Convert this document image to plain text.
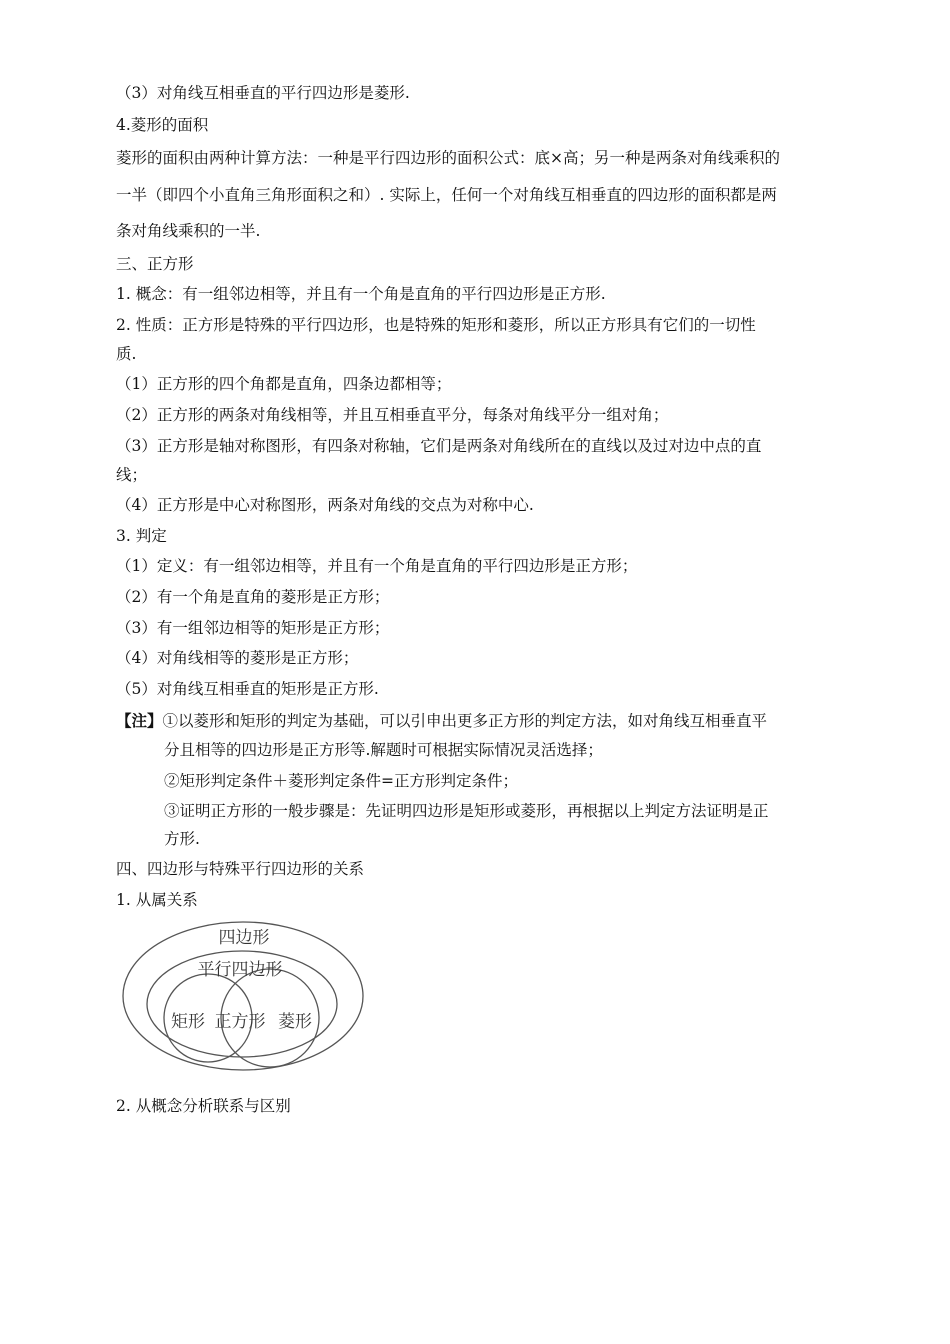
（3）对角线互相垂直的平行四边形是菱形.
4.菱形的面积
菱形的面积由两种计算方法：一种是平行四边形的面积公式：底×高；另一种是两条对角线乘积的
一半（即四个小直角三角形面积之和）. 实际上，任何一个对角线互相垂直的四边形的面积都是两
条对角线乘积的一半.
三、正方形
1. 概念：有一组邻边相等，并且有一个角是直角的平行四边形是正方形.
2. 性质：正方形是特殊的平行四边形，也是特殊的矩形和菱形，所以正方形具有它们的一切性
质.
（1）正方形的四个角都是直角，四条边都相等；
（2）正方形的两条对角线相等，并且互相垂直平分，每条对角线平分一组对角；
（3）正方形是轴对称图形，有四条对称轴，它们是两条对角线所在的直线以及过对边中点的直
线；
（4）正方形是中心对称图形，两条对角线的交点为对称中心.
3. 判定
（1）定义：有一组邻边相等，并且有一个角是直角的平行四边形是正方形；
（2）有一个角是直角的菱形是正方形；
（3）有一组邻边相等的矩形是正方形；
（4）对角线相等的菱形是正方形；
（5）对角线互相垂直的矩形是正方形.
【注】①以菱形和矩形的判定为基础，可以引申出更多正方形的判定方法，如对角线互相垂直平
分且相等的四边形是正方形等.解题时可根据实际情况灵活选择；
②矩形判定条件＋菱形判定条件=正方形判定条件；
③证明正方形的一般步骤是：先证明四边形是矩形或菱形，再根据以上判定方法证明是正
方形.
四、四边形与特殊平行四边形的关系
1. 从属关系
四边形
平行四边形
矩形 正方形 菱形
2. 从概念分析联系与区别
